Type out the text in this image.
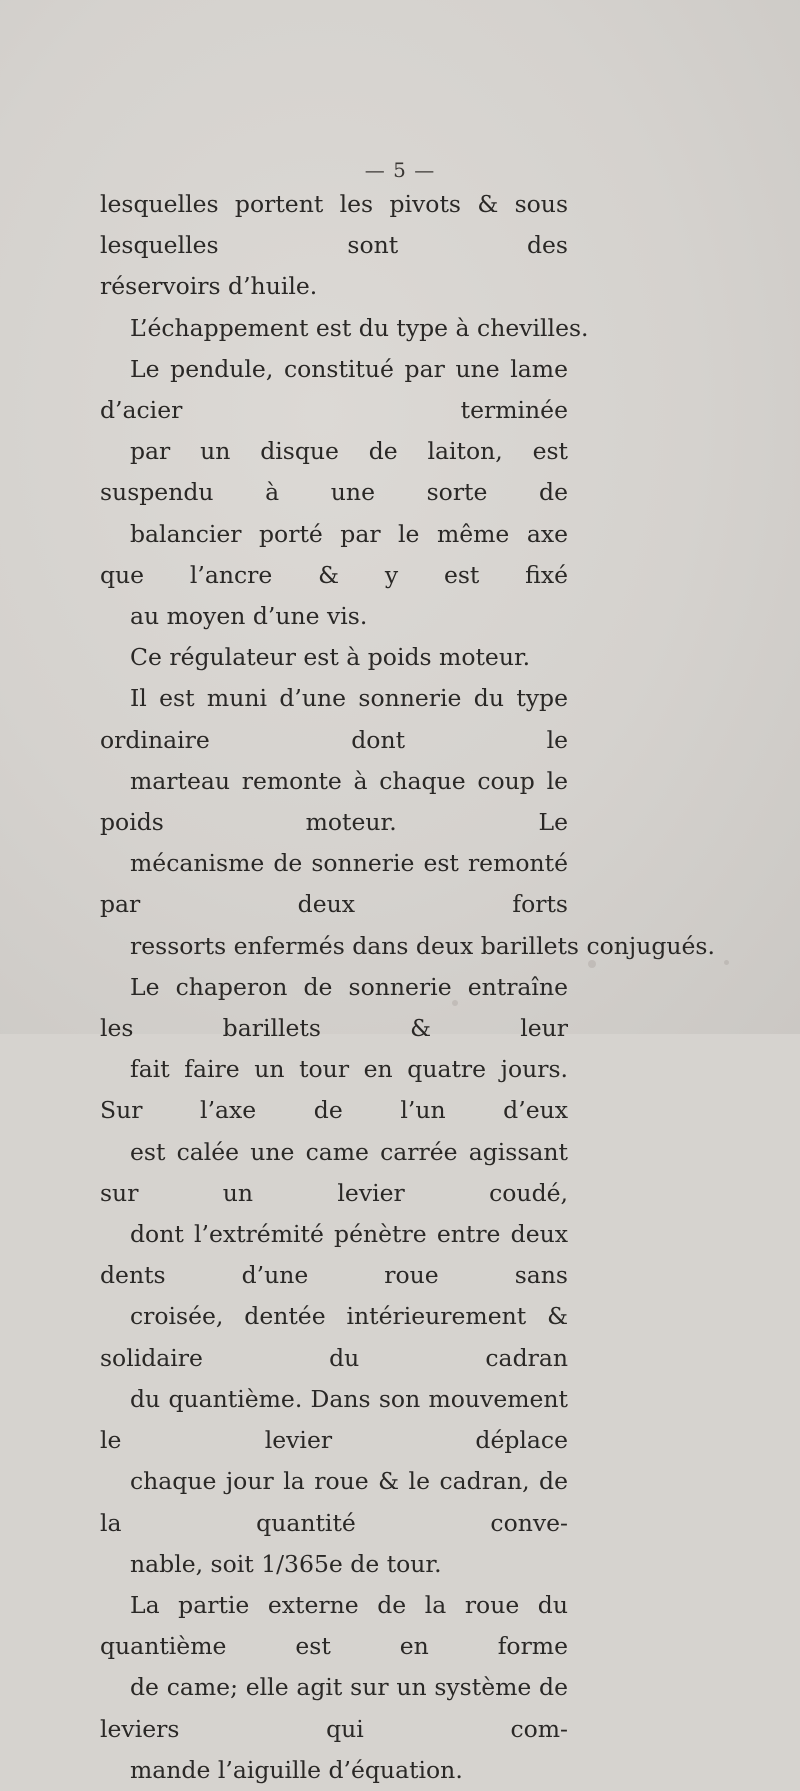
— 5 —
lesquelles portent les pivots & sous lesquelles sont des
réservoirs d’huile.
L’échappement est du type à chevilles.
Le pendule, constitué par une lame d’acier terminée
par un disque de laiton, est suspendu à une sorte de
balancier porté par le même axe que l’ancre & y est fixé
au moyen d’une vis.
Ce régulateur est à poids moteur.
Il est muni d’une sonnerie du type ordinaire dont le
marteau remonte à chaque coup le poids moteur. Le
mécanisme de sonnerie est remonté par deux forts
ressorts enfermés dans deux barillets conjugués.
Le chaperon de sonnerie entraîne les barillets & leur
fait faire un tour en quatre jours. Sur l’axe de l’un d’eux
est calée une came carrée agissant sur un levier coudé,
dont l’extrémité pénètre entre deux dents d’une roue sans
croisée, dentée intérieurement & solidaire du cadran
du quantième. Dans son mouvement le levier déplace
chaque jour la roue & le cadran, de la quantité conve-
nable, soit 1/365e de tour.
La partie externe de la roue du quantième est en forme
de came; elle agit sur un système de leviers qui com-
mande l’aiguille d’équation.
